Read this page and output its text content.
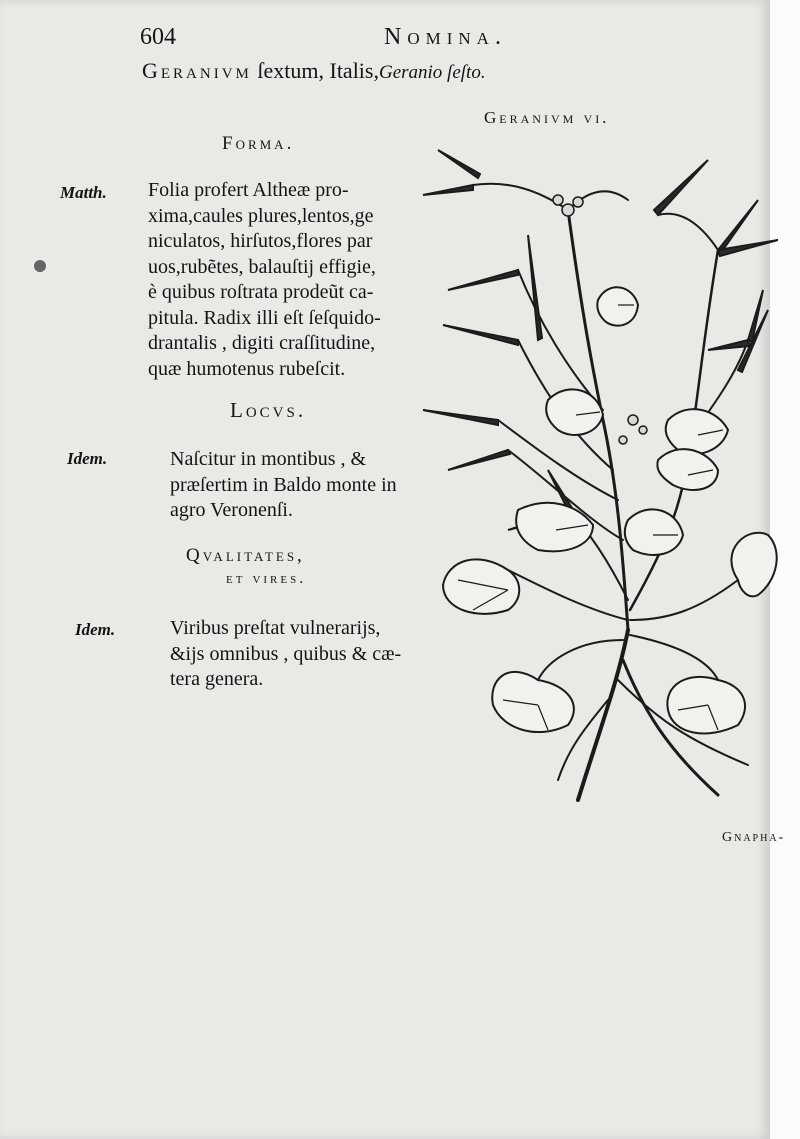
604	Nomina.
Geranivm ſextum, Italis,Geranio ſeſto.
Geranivm vi.
Forma.
Matth. Folia profert Altheæ pro-
xima,caules plures,lentos,ge
niculatos, hirſutos,flores par
uos,rubẽtes, balauſtij effigie,
è quibus roſtrata prodeũt ca-
pitula. Radix illi eſt ſeſquido-
drantalis , digiti craſſitudine,
quæ humotenus rubeſcit.
Locvs.
Idem.	Naſcitur in montibus , &
præſertim in Baldo monte in
agro Veronenſi.
Qvalitates,
et vires.
Idem.	Viribus preſtat vulnerarijs,
&ijs omnibus , quibus & cæ-
tera genera.
Gnapha-
